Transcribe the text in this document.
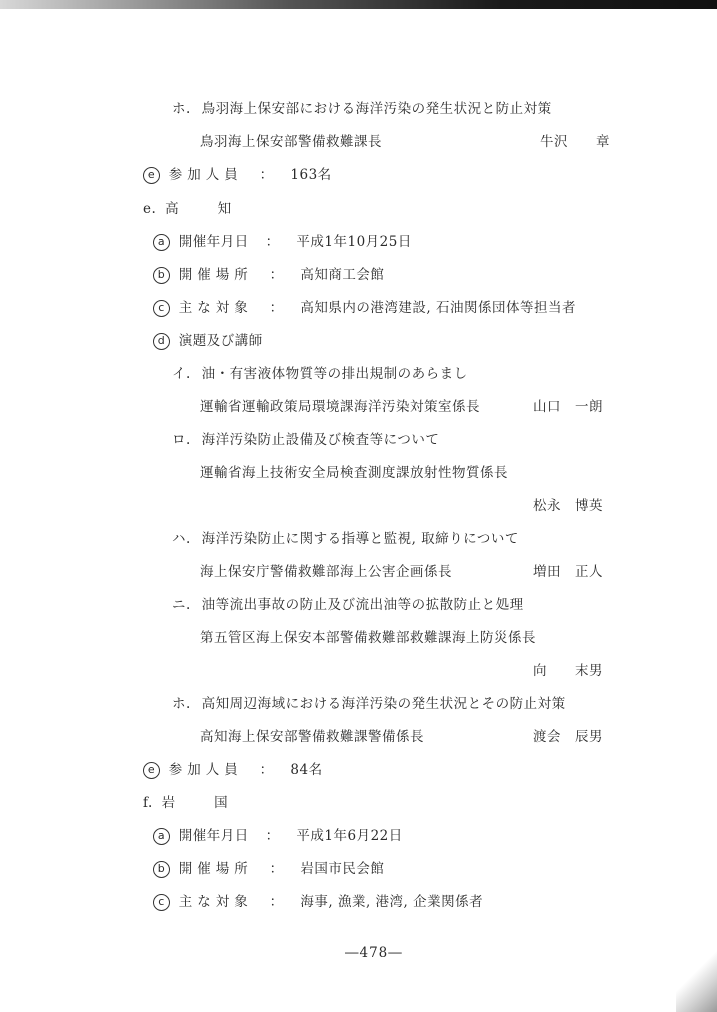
ホ. 鳥羽海上保安部における海洋汚染の発生状況と防止対策
鳥羽海上保安部警備救難課長	牛沢　　章
e 参加人員 ： 163名
e. 高　　知
a 開催年月日 ： 平成1年10月25日
b 開催場所 ： 高知商工会館
c 主な対象 ： 高知県内の港湾建設, 石油関係団体等担当者
d 演題及び講師
イ. 油・有害液体物質等の排出規制のあらまし
運輸省運輸政策局環境課海洋汚染対策室係長	山口　一朗
ロ. 海洋汚染防止設備及び検査等について
運輸省海上技術安全局検査測度課放射性物質係長
松永　博英
ハ. 海洋汚染防止に関する指導と監視, 取締りについて
海上保安庁警備救難部海上公害企画係長	増田　正人
ニ. 油等流出事故の防止及び流出油等の拡散防止と処理
第五管区海上保安本部警備救難部救難課海上防災係長
向　　末男
ホ. 高知周辺海域における海洋汚染の発生状況とその防止対策
高知海上保安部警備救難課警備係長	渡会　辰男
e 参加人員 ： 84名
f. 岩　　国
a 開催年月日 ： 平成1年6月22日
b 開催場所 ： 岩国市民会館
c 主な対象 ： 海事, 漁業, 港湾, 企業関係者
―478―
